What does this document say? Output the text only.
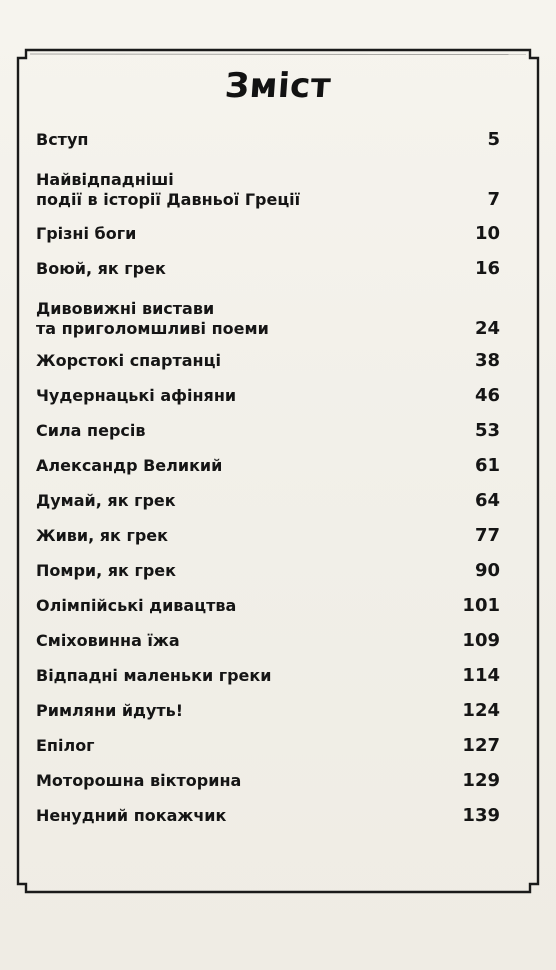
Зміст
Вступ	5
Найвідпадніші
події в історії Давньої Греції	7
Грізні боги	10
Воюй, як грек	16
Дивовижні вистави
та приголомшливі поеми	24
Жорстокі спартанці	38
Чудернацькі афіняни	46
Сила персів	53
Александр Великий	61
Думай, як грек	64
Живи, як грек	77
Помри, як грек	90
Олімпійські дивацтва	101
Сміховинна їжа	109
Відпадні маленьки греки	114
Римляни йдуть!	124
Епілог	127
Моторошна вікторина	129
Ненудний покажчик	139
